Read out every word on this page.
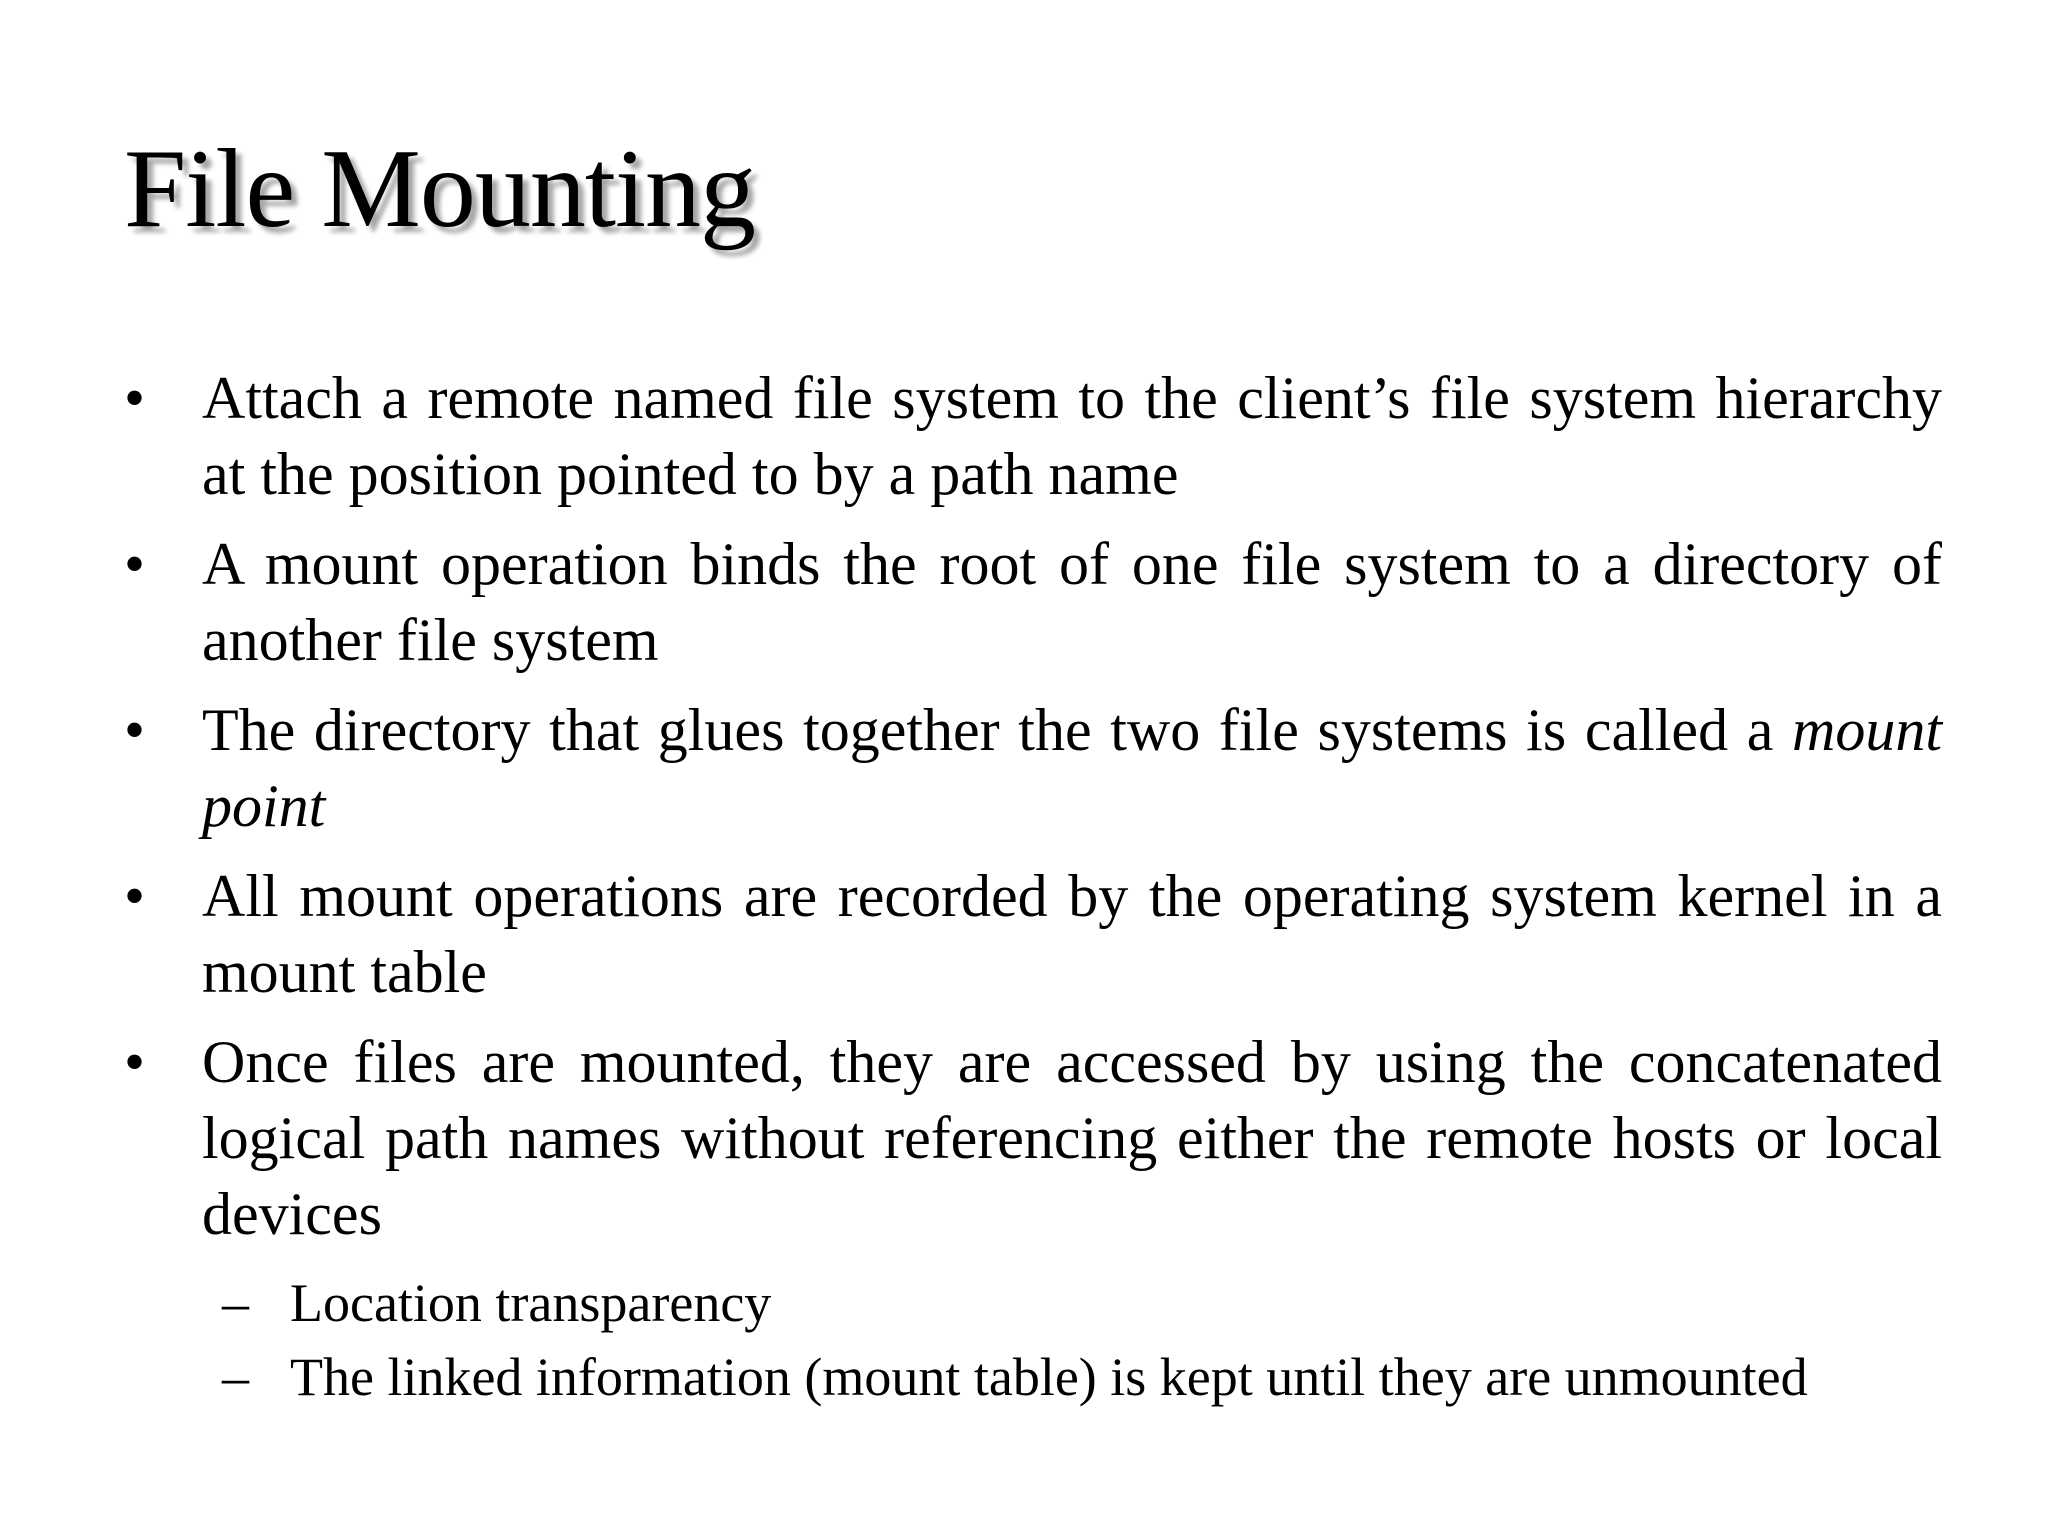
File Mounting
• Attach a remote named file system to the client’s file system hierarchy at the position pointed to by a path name
• A mount operation binds the root of one file system to a directory of another file system
• The directory that glues together the two file systems is called a mount point
• All mount operations are recorded by the operating system kernel in a mount table
• Once files are mounted, they are accessed by using the concatenated logical path names without referencing either the remote hosts or local devices
– Location transparency
– The linked information (mount table) is kept until they are unmounted
